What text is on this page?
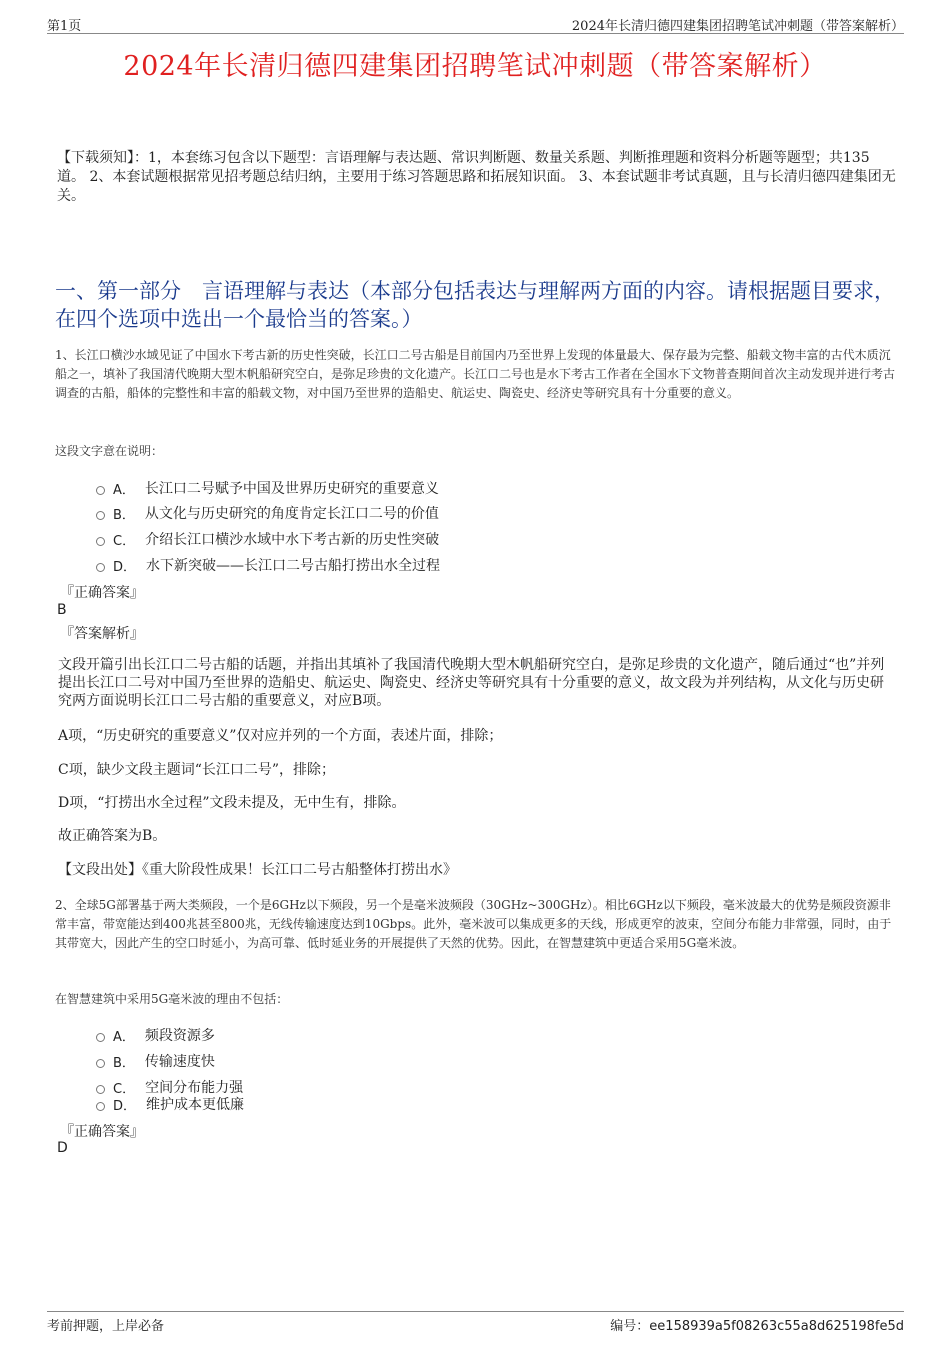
第1页	2024年长清归德四建集团招聘笔试冲刺题（带答案解析）
2024年长清归德四建集团招聘笔试冲刺题（带答案解析）
【下载须知】：1，本套练习包含以下题型：言语理解与表达题、常识判断题、数量关系题、判断推理题和资料分析题等题型；共135道。 2、本套试题根据常见招考题总结归纳，主要用于练习答题思路和拓展知识面。 3、本套试题非考试真题，且与长清归德四建集团无关。
一、第一部分　言语理解与表达（本部分包括表达与理解两方面的内容。请根据题目要求，在四个选项中选出一个最恰当的答案。）
1、长江口横沙水域见证了中国水下考古新的历史性突破，长江口二号古船是目前国内乃至世界上发现的体量最大、保存最为完整、船载文物丰富的古代木质沉船之一，填补了我国清代晚期大型木帆船研究空白，是弥足珍贵的文化遗产。长江口二号也是水下考古工作者在全国水下文物普查期间首次主动发现并进行考古调查的古船，船体的完整性和丰富的船载文物，对中国乃至世界的造船史、航运史、陶瓷史、经济史等研究具有十分重要的意义。
这段文字意在说明：
A． 长江口二号赋予中国及世界历史研究的重要意义
B． 从文化与历史研究的角度肯定长江口二号的价值
C． 介绍长江口横沙水域中水下考古新的历史性突破
D． 水下新突破——长江口二号古船打捞出水全过程
『正确答案』
B
『答案解析』
文段开篇引出长江口二号古船的话题，并指出其填补了我国清代晚期大型木帆船研究空白，是弥足珍贵的文化遗产，随后通过“也”并列提出长江口二号对中国乃至世界的造船史、航运史、陶瓷史、经济史等研究具有十分重要的意义，故文段为并列结构，从文化与历史研究两方面说明长江口二号古船的重要意义，对应B项。
A项，“历史研究的重要意义”仅对应并列的一个方面，表述片面，排除；
C项，缺少文段主题词“长江口二号”，排除；
D项，“打捞出水全过程”文段未提及，无中生有，排除。
故正确答案为B。
【文段出处】《重大阶段性成果！长江口二号古船整体打捞出水》
2、全球5G部署基于两大类频段，一个是6GHz以下频段，另一个是毫米波频段（30GHz~300GHz）。相比6GHz以下频段，毫米波最大的优势是频段资源非常丰富，带宽能达到400兆甚至800兆，无线传输速度达到10Gbps。此外，毫米波可以集成更多的天线，形成更窄的波束，空间分布能力非常强，同时，由于其带宽大，因此产生的空口时延小，为高可靠、低时延业务的开展提供了天然的优势。因此，在智慧建筑中更适合采用5G毫米波。
在智慧建筑中采用5G毫米波的理由不包括：
A． 频段资源多
B． 传输速度快
C． 空间分布能力强
D． 维护成本更低廉
『正确答案』
D
考前押题，上岸必备	编号：ee158939a5f08263c55a8d625198fe5d
